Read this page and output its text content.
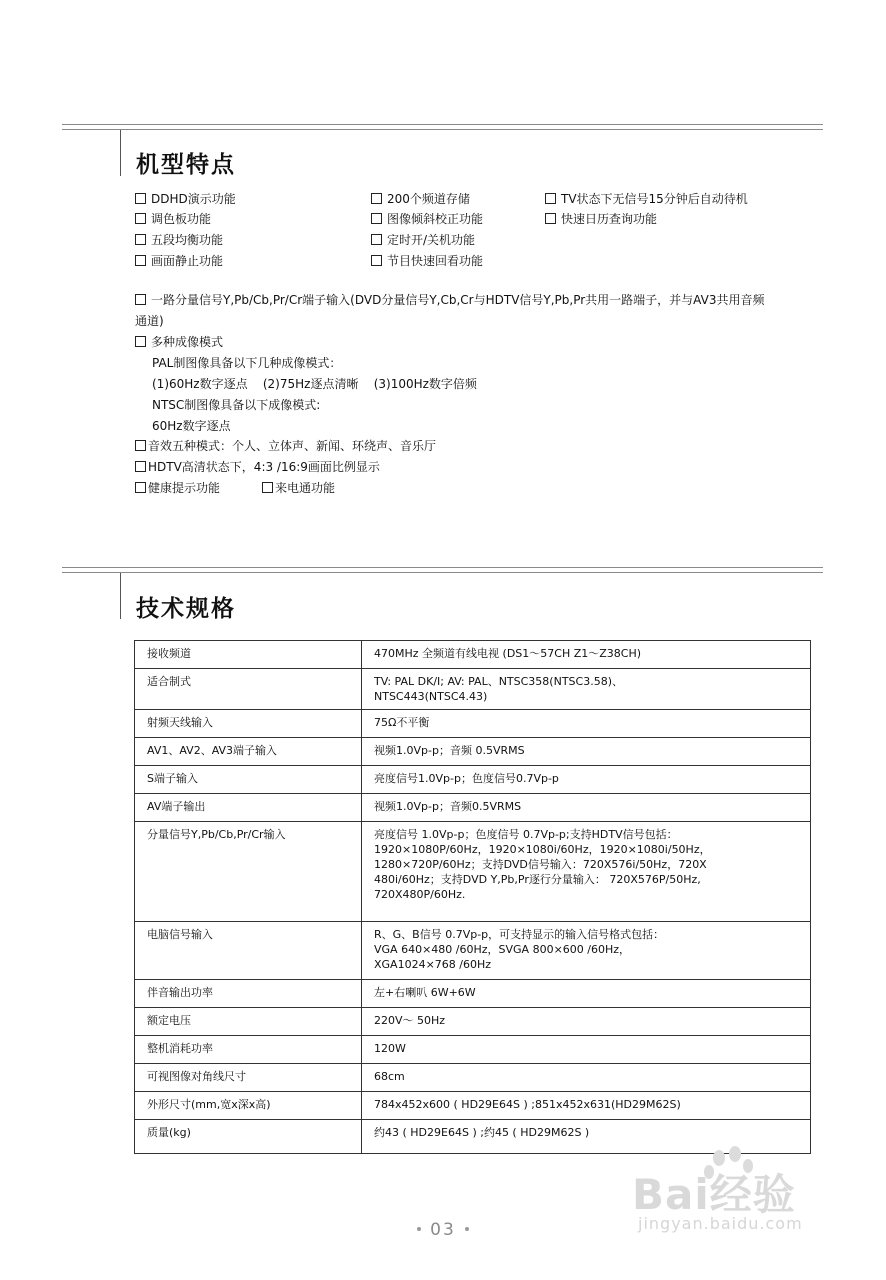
机型特点
DDHD演示功能	200个频道存储	TV状态下无信号15分钟后自动待机
调色板功能	图像倾斜校正功能	快速日历查询功能
五段均衡功能	定时开/关机功能
画面静止功能	节目快速回看功能
一路分量信号Y,Pb/Cb,Pr/Cr端子输入(DVD分量信号Y,Cb,Cr与HDTV信号Y,Pb,Pr共用一路端子，并与AV3共用音频
通道)
多种成像模式
PAL制图像具备以下几种成像模式：
(1)60Hz数字逐点    (2)75Hz逐点清晰    (3)100Hz数字倍频
NTSC制图像具备以下成像模式:
60Hz数字逐点
音效五种模式：个人、立体声、新闻、环绕声、音乐厅
HDTV高清状态下，4:3 /16:9画面比例显示
健康提示功能	来电通功能
技术规格
接收频道	470MHz 全频道有线电视 (DS1～57CH Z1～Z38CH)
适合制式	TV: PAL DK/I; AV: PAL、NTSC358(NTSC3.58)、
NTSC443(NTSC4.43)
射频天线输入	75Ω不平衡
AV1、AV2、AV3端子输入	视频1.0Vp-p；音频 0.5VRMS
S端子输入	亮度信号1.0Vp-p；色度信号0.7Vp-p
AV端子输出	视频1.0Vp-p；音频0.5VRMS
分量信号Y,Pb/Cb,Pr/Cr输入	亮度信号 1.0Vp-p；色度信号 0.7Vp-p;支持HDTV信号包括：
1920×1080P/60Hz，1920×1080i/60Hz，1920×1080i/50Hz，
1280×720P/60Hz；支持DVD信号输入：720X576i/50Hz，720X
480i/60Hz；支持DVD Y,Pb,Pr逐行分量输入： 720X576P/50Hz,
720X480P/60Hz.

电脑信号输入	R、G、B信号 0.7Vp-p，可支持显示的输入信号格式包括：
VGA 640×480 /60Hz，SVGA 800×600 /60Hz，
XGA1024×768 /60Hz
伴音输出功率	左+右喇叭 6W+6W
额定电压	220V～ 50Hz
整机消耗功率	120W
可视图像对角线尺寸	68cm
外形尺寸(mm,宽x深x高)	784x452x600 ( HD29E64S ) ;851x452x631(HD29M62S)
质量(kg)	约43 ( HD29E64S ) ;约45 ( HD29M62S )
03
Bai经验
jingyan.baidu.com
